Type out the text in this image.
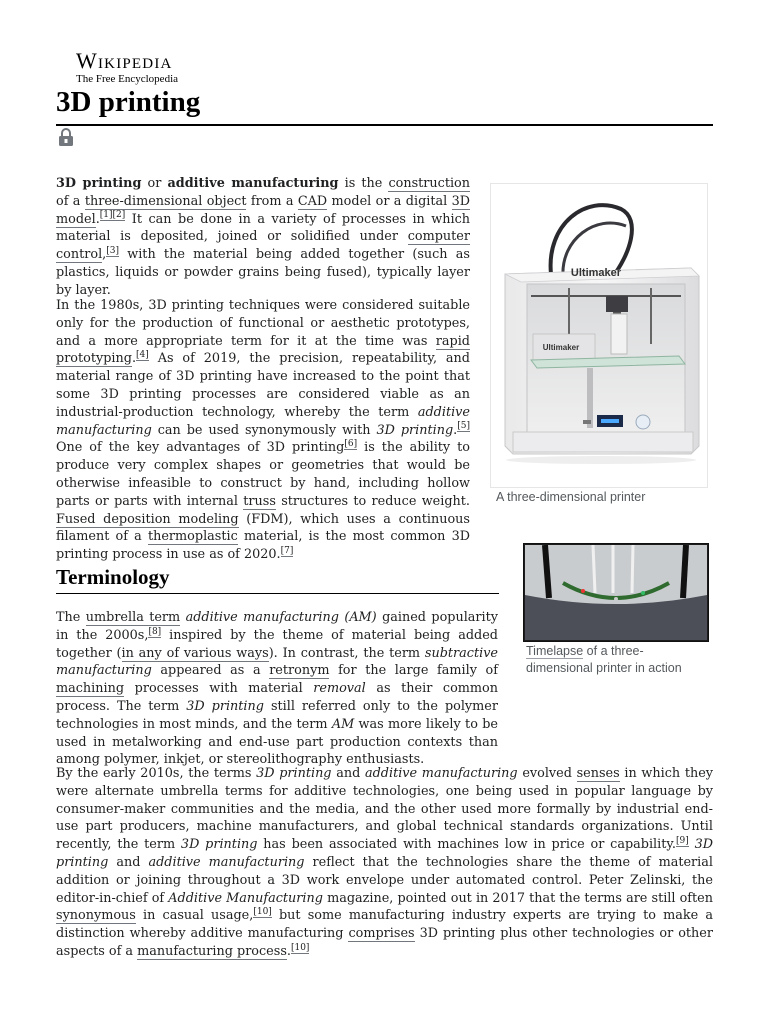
Wikipedia
The Free Encyclopedia
3D printing

3D printing or additive manufacturing is the construction of a three-dimensional object from a CAD model or a digital 3D model.[1][2] It can be done in a variety of processes in which material is deposited, joined or solidified under computer control,[3] with the material being added together (such as plastics, liquids or powder grains being fused), typically layer by layer.

In the 1980s, 3D printing techniques were considered suitable only for the production of functional or aesthetic prototypes, and a more appropriate term for it at the time was rapid prototyping.[4] As of 2019, the precision, repeatability, and material range of 3D printing have increased to the point that some 3D printing processes are considered viable as an industrial-production technology, whereby the term additive manufacturing can be used synonymously with 3D printing.[5] One of the key advantages of 3D printing[6] is the ability to produce very complex shapes or geometries that would be otherwise infeasible to construct by hand, including hollow parts or parts with internal truss structures to reduce weight. Fused deposition modeling (FDM), which uses a continuous filament of a thermoplastic material, is the most common 3D printing process in use as of 2020.[7]

Ultimaker
Ultimaker
A three-dimensional printer
Terminology
Timelapse of a three-dimensional printer in action

The umbrella term additive manufacturing (AM) gained popularity in the 2000s,[8] inspired by the theme of material being added together (in any of various ways). In contrast, the term subtractive manufacturing appeared as a retronym for the large family of machining processes with material removal as their common process. The term 3D printing still referred only to the polymer technologies in most minds, and the term AM was more likely to be used in metalworking and end-use part production contexts than among polymer, inkjet, or stereolithography enthusiasts.

By the early 2010s, the terms 3D printing and additive manufacturing evolved senses in which they were alternate umbrella terms for additive technologies, one being used in popular language by consumer-maker communities and the media, and the other used more formally by industrial end-use part producers, machine manufacturers, and global technical standards organizations. Until recently, the term 3D printing has been associated with machines low in price or capability.[9] 3D printing and additive manufacturing reflect that the technologies share the theme of material addition or joining throughout a 3D work envelope under automated control. Peter Zelinski, the editor-in-chief of Additive Manufacturing magazine, pointed out in 2017 that the terms are still often synonymous in casual usage,[10] but some manufacturing industry experts are trying to make a distinction whereby additive manufacturing comprises 3D printing plus other technologies or other aspects of a manufacturing process.[10]
